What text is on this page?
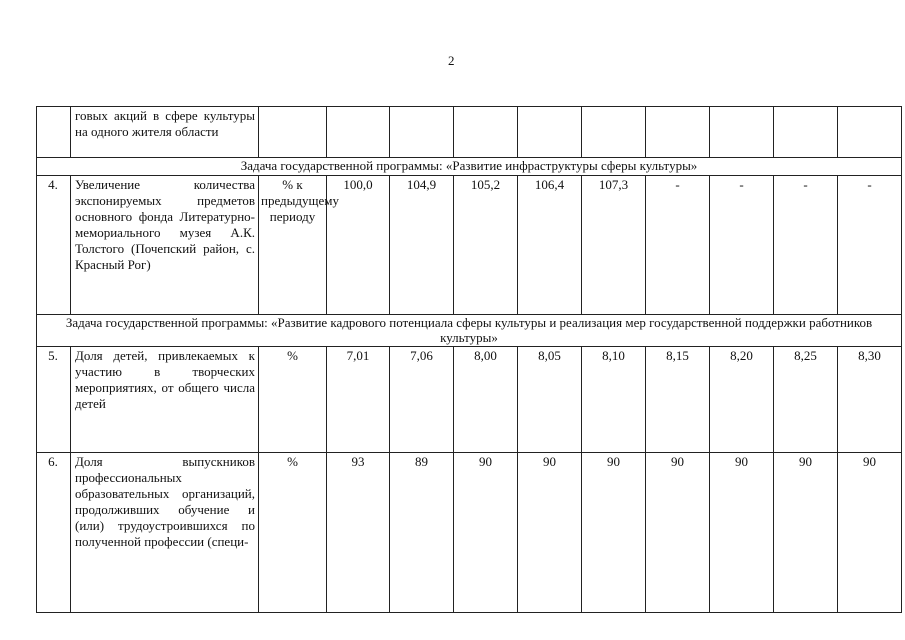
2
	говых акций в сфере культуры на одного жителя области										
Задача государственной программы: «Развитие инфраструктуры сферы культуры»											
4.	Увеличение количества экспонируемых предметов основного фонда Литературно-мемориального музея А.К. Толстого (Почепский район, с. Красный Рог)	% к предыдущему периоду	100,0	104,9	105,2	106,4	107,3	-	-	-	-
Задача государственной программы: «Развитие кадрового потенциала сферы культуры и реализация мер государственной поддержки работников культуры»											
5.	Доля детей, привлекаемых к участию в творческих мероприятиях, от общего числа детей	%	7,01	7,06	8,00	8,05	8,10	8,15	8,20	8,25	8,30
6.	Доля выпускников профессиональных образовательных организаций, продолживших обучение и (или) трудоустроившихся по полученной профессии (специ-	%	93	89	90	90	90	90	90	90	90
